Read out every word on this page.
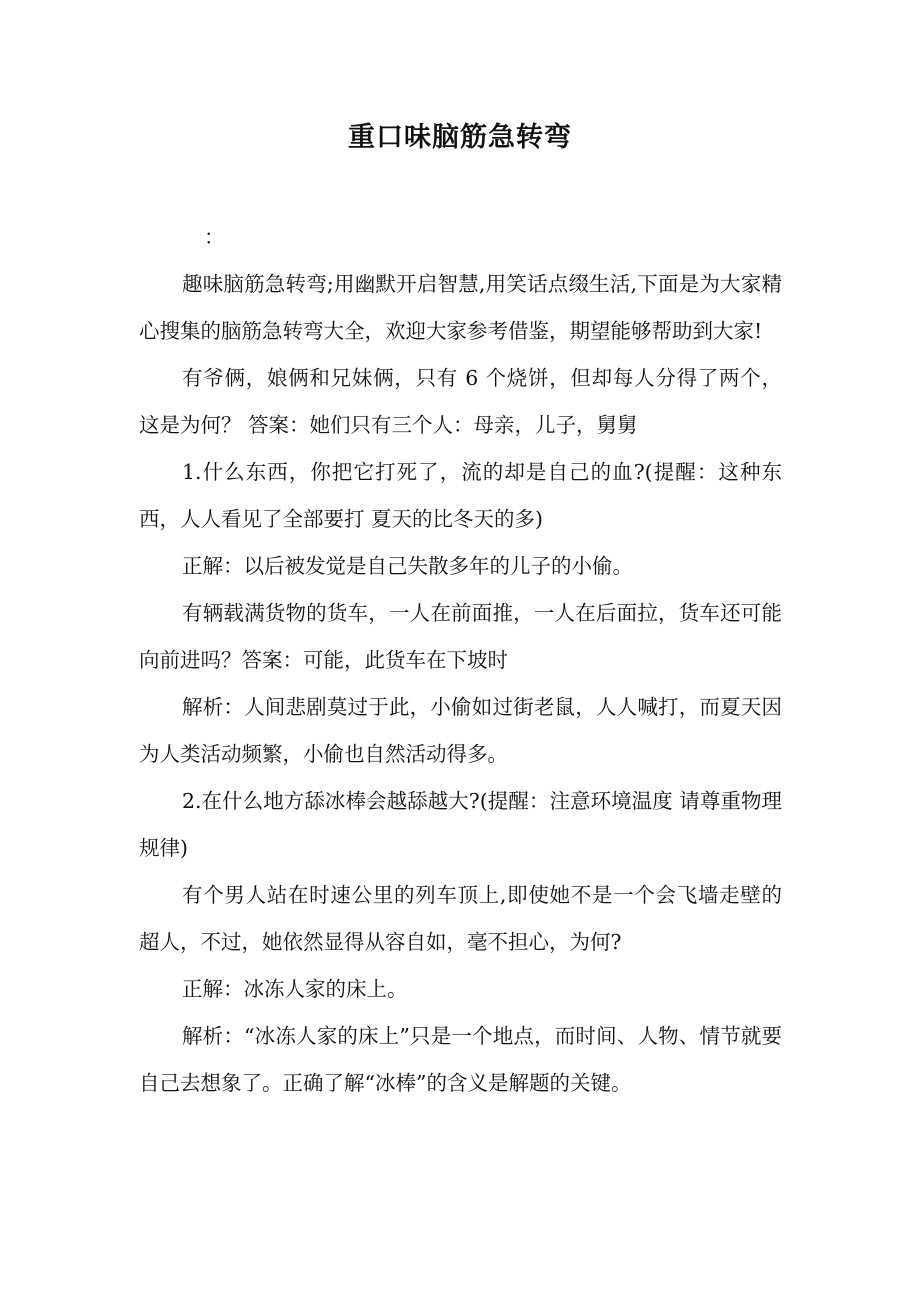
重口味脑筋急转弯

：

趣味脑筋急转弯;用幽默开启智慧,用笑话点缀生活,下面是为大家精心搜集的脑筋急转弯大全，欢迎大家参考借鉴，期望能够帮助到大家!

有爷俩，娘俩和兄妹俩，只有 6 个烧饼，但却每人分得了两个，这是为何？ 答案：她们只有三个人：母亲，儿子，舅舅

1.什么东西，你把它打死了，流的却是自己的血?(提醒：这种东西，人人看见了全部要打 夏天的比冬天的多)

正解：以后被发觉是自己失散多年的儿子的小偷。

有辆载满货物的货车，一人在前面推，一人在后面拉，货车还可能向前进吗？答案：可能，此货车在下坡时

解析：人间悲剧莫过于此，小偷如过街老鼠，人人喊打，而夏天因为人类活动频繁，小偷也自然活动得多。

2.在什么地方舔冰棒会越舔越大?(提醒：注意环境温度 请尊重物理规律)

有个男人站在时速公里的列车顶上,即使她不是一个会飞墙走壁的超人，不过，她依然显得从容自如，毫不担心，为何?

正解：冰冻人家的床上。

解析：“冰冻人家的床上”只是一个地点，而时间、人物、情节就要自己去想象了。正确了解“冰棒”的含义是解题的关键。
